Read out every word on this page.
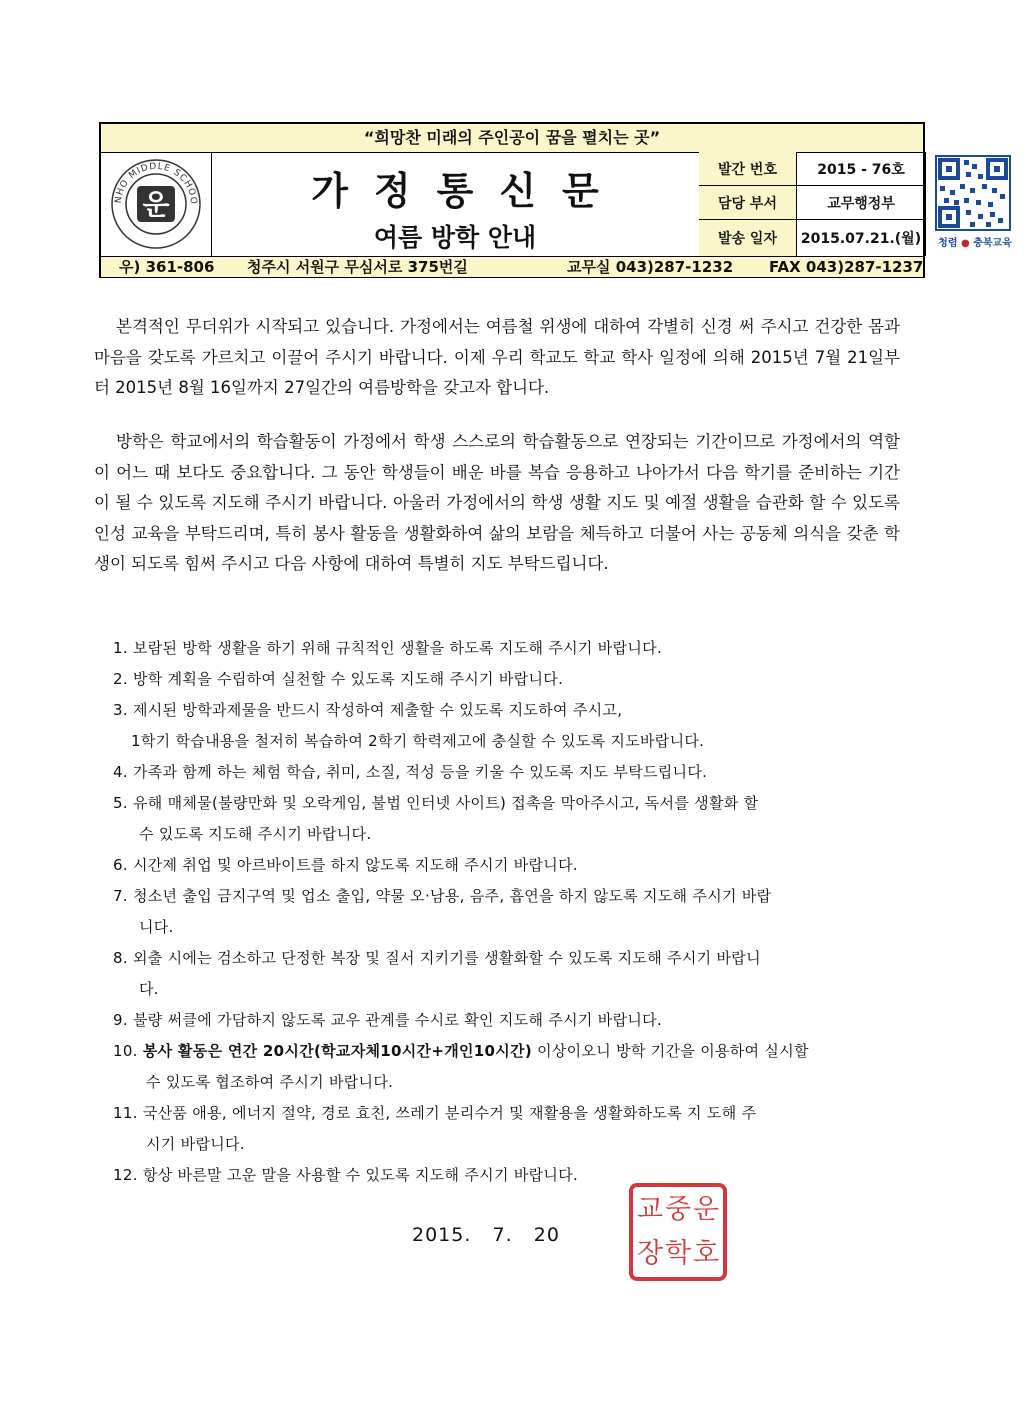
“희망찬 미래의 주인공이 꿈을 펼치는 곳”
NHO MIDDLE SCHOO
운	가정통신문
여름 방학 안내
발간 번호	2015 - 76호
담당 부서	교무행정부
발송 일자	2015.07.21.(월)	청렴 ● 충북교육
우) 361-806 청주시 서원구 무심서로 375번길	교무실 043)287-1232 FAX 043)287-1237
본격적인 무더위가 시작되고 있습니다. 가정에서는 여름철 위생에 대하여 각별히 신경 써 주시고 건강한 몸과 마음을 갖도록 가르치고 이끌어 주시기 바랍니다. 이제 우리 학교도 학교 학사 일정에 의해 2015년 7월 21일부터 2015년 8월 16일까지 27일간의 여름방학을 갖고자 합니다.
방학은 학교에서의 학습활동이 가정에서 학생 스스로의 학습활동으로 연장되는 기간이므로 가정에서의 역할이 어느 때 보다도 중요합니다. 그 동안 학생들이 배운 바를 복습 응용하고 나아가서 다음 학기를 준비하는 기간이 될 수 있도록 지도해 주시기 바랍니다. 아울러 가정에서의 학생 생활 지도 및 예절 생활을 습관화 할 수 있도록 인성 교육을 부탁드리며, 특히 봉사 활동을 생활화하여 삶의 보람을 체득하고 더불어 사는 공동체 의식을 갖춘 학생이 되도록 힘써 주시고 다음 사항에 대하여 특별히 지도 부탁드립니다.
1. 보람된 방학 생활을 하기 위해 규칙적인 생활을 하도록 지도해 주시기 바랍니다.
2. 방학 계획을 수립하여 실천할 수 있도록 지도해 주시기 바랍니다.
3. 제시된 방학과제물을 반드시 작성하여 제출할 수 있도록 지도하여 주시고,
1학기 학습내용을 철저히 복습하여 2학기 학력제고에 충실할 수 있도록 지도바랍니다.
4. 가족과 함께 하는 체험 학습, 취미, 소질, 적성 등을 키울 수 있도록 지도 부탁드립니다.
5. 유해 매체물(불량만화 및 오락게임, 불법 인터넷 사이트) 접촉을 막아주시고, 독서를 생활화 할
수 있도록 지도해 주시기 바랍니다.
6. 시간제 취업 및 아르바이트를 하지 않도록 지도해 주시기 바랍니다.
7. 청소년 출입 금지구역 및 업소 출입, 약물 오·남용, 음주, 흡연을 하지 않도록 지도해 주시기 바랍
니다.
8. 외출 시에는 검소하고 단정한 복장 및 질서 지키기를 생활화할 수 있도록 지도해 주시기 바랍니
다.
9. 불량 써클에 가담하지 않도록 교우 관계를 수시로 확인 지도해 주시기 바랍니다.
10. 봉사 활동은 연간 20시간(학교자체10시간+개인10시간) 이상이오니 방학 기간을 이용하여 실시할
수 있도록 협조하여 주시기 바랍니다.
11. 국산품 애용, 에너지 절약, 경로 효친, 쓰레기 분리수거 및 재활용을 생활화하도록 지 도해 주
시기 바랍니다.
12. 항상 바른말 고운 말을 사용할 수 있도록 지도해 주시기 바랍니다.
2015.   7.   20
운
호
중
학
교
장
